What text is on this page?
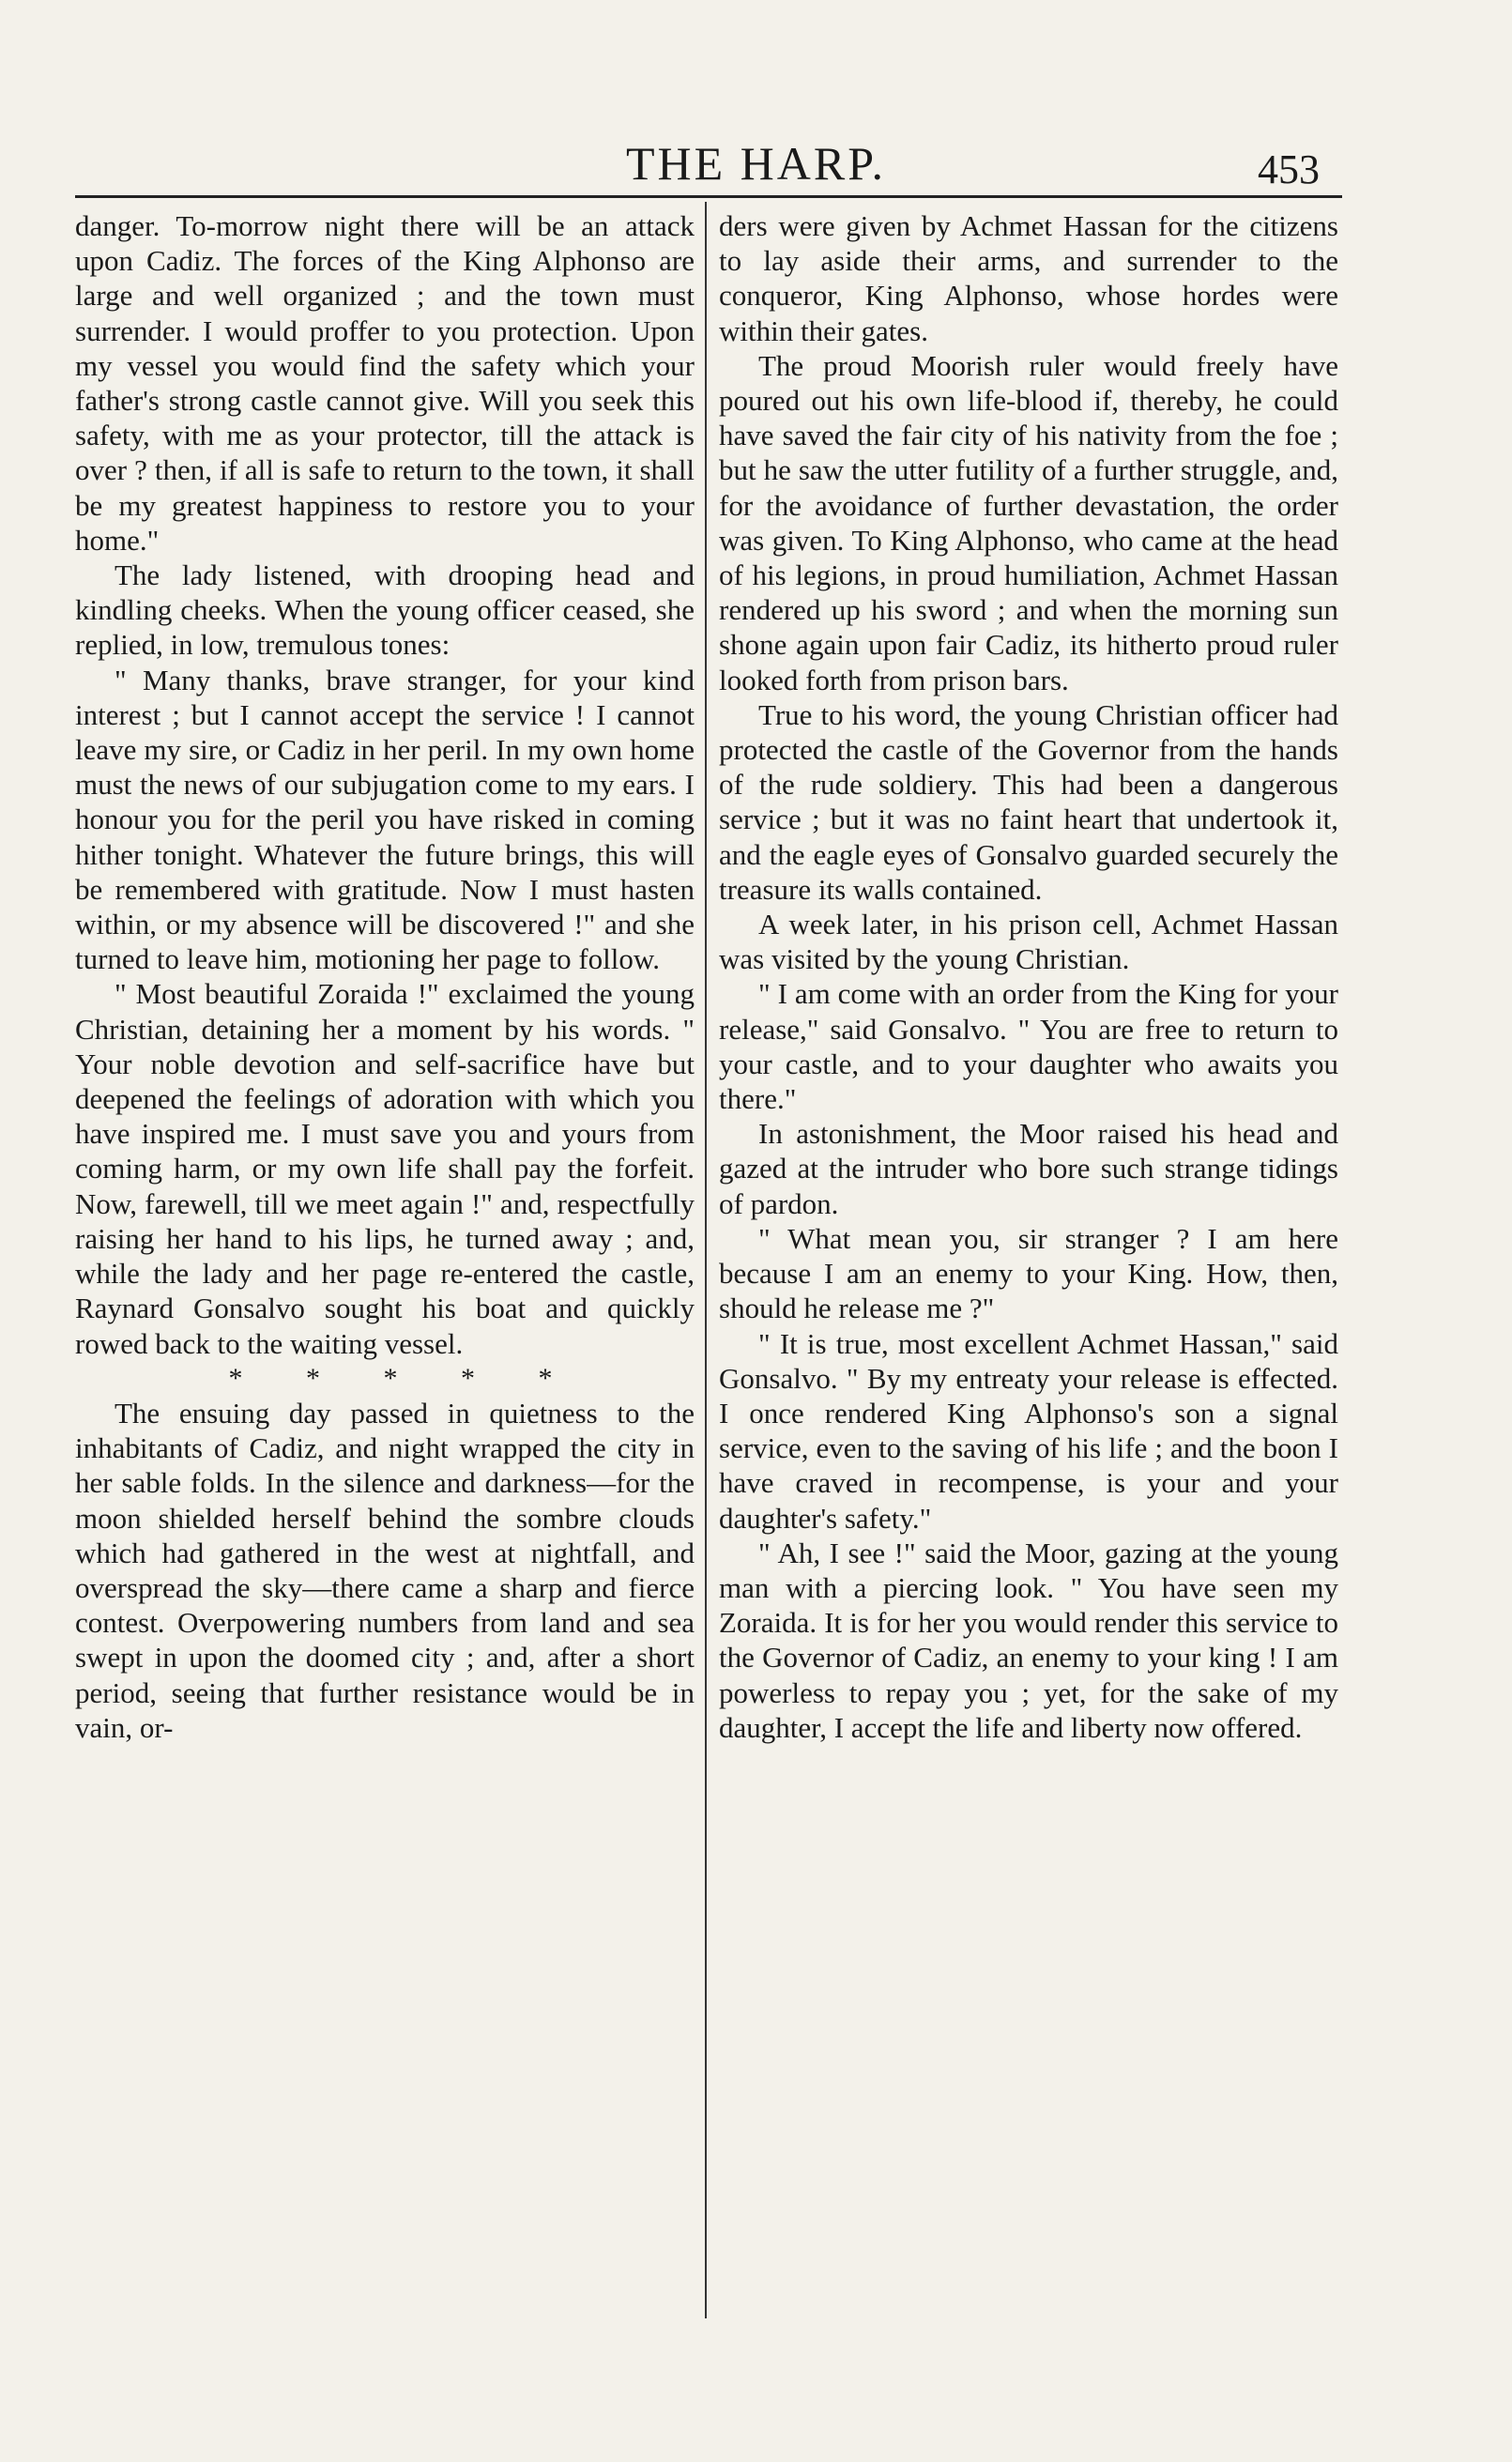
THE HARP.	453

danger. To-morrow night there will be an attack upon Cadiz. The forces of the King Alphonso are large and well organized ; and the town must surrender. I would proffer to you protection. Upon my vessel you would find the safety which your father's strong castle cannot give. Will you seek this safety, with me as your protector, till the attack is over ? then, if all is safe to return to the town, it shall be my greatest happiness to restore you to your home."

The lady listened, with drooping head and kindling cheeks. When the young officer ceased, she replied, in low, tremulous tones:

" Many thanks, brave stranger, for your kind interest ; but I cannot accept the service ! I cannot leave my sire, or Cadiz in her peril. In my own home must the news of our subjugation come to my ears. I honour you for the peril you have risked in coming hither tonight. Whatever the future brings, this will be remembered with gratitude. Now I must hasten within, or my absence will be discovered !" and she turned to leave him, motioning her page to follow.

" Most beautiful Zoraida !" exclaimed the young Christian, detaining her a moment by his words. " Your noble devotion and self-sacrifice have but deepened the feelings of adoration with which you have inspired me. I must save you and yours from coming harm, or my own life shall pay the forfeit. Now, farewell, till we meet again !" and, respectfully raising her hand to his lips, he turned away ; and, while the lady and her page re-entered the castle, Raynard Gonsalvo sought his boat and quickly rowed back to the waiting vessel.

* * * * *

The ensuing day passed in quietness to the inhabitants of Cadiz, and night wrapped the city in her sable folds. In the silence and darkness—for the moon shielded herself behind the sombre clouds which had gathered in the west at nightfall, and overspread the sky—there came a sharp and fierce contest. Overpowering numbers from land and sea swept in upon the doomed city ; and, after a short period, seeing that further resistance would be in vain, or-

ders were given by Achmet Hassan for the citizens to lay aside their arms, and surrender to the conqueror, King Alphonso, whose hordes were within their gates.

The proud Moorish ruler would freely have poured out his own life-blood if, thereby, he could have saved the fair city of his nativity from the foe ; but he saw the utter futility of a further struggle, and, for the avoidance of further devastation, the order was given. To King Alphonso, who came at the head of his legions, in proud humiliation, Achmet Hassan rendered up his sword ; and when the morning sun shone again upon fair Cadiz, its hitherto proud ruler looked forth from prison bars.

True to his word, the young Christian officer had protected the castle of the Governor from the hands of the rude soldiery. This had been a dangerous service ; but it was no faint heart that undertook it, and the eagle eyes of Gonsalvo guarded securely the treasure its walls contained.

A week later, in his prison cell, Achmet Hassan was visited by the young Christian.

" I am come with an order from the King for your release," said Gonsalvo. " You are free to return to your castle, and to your daughter who awaits you there."

In astonishment, the Moor raised his head and gazed at the intruder who bore such strange tidings of pardon.

" What mean you, sir stranger ? I am here because I am an enemy to your King. How, then, should he release me ?"

" It is true, most excellent Achmet Hassan," said Gonsalvo. " By my entreaty your release is effected. I once rendered King Alphonso's son a signal service, even to the saving of his life ; and the boon I have craved in recompense, is your and your daughter's safety."

" Ah, I see !" said the Moor, gazing at the young man with a piercing look. " You have seen my Zoraida. It is for her you would render this service to the Governor of Cadiz, an enemy to your king ! I am powerless to repay you ; yet, for the sake of my daughter, I accept the life and liberty now offered.
